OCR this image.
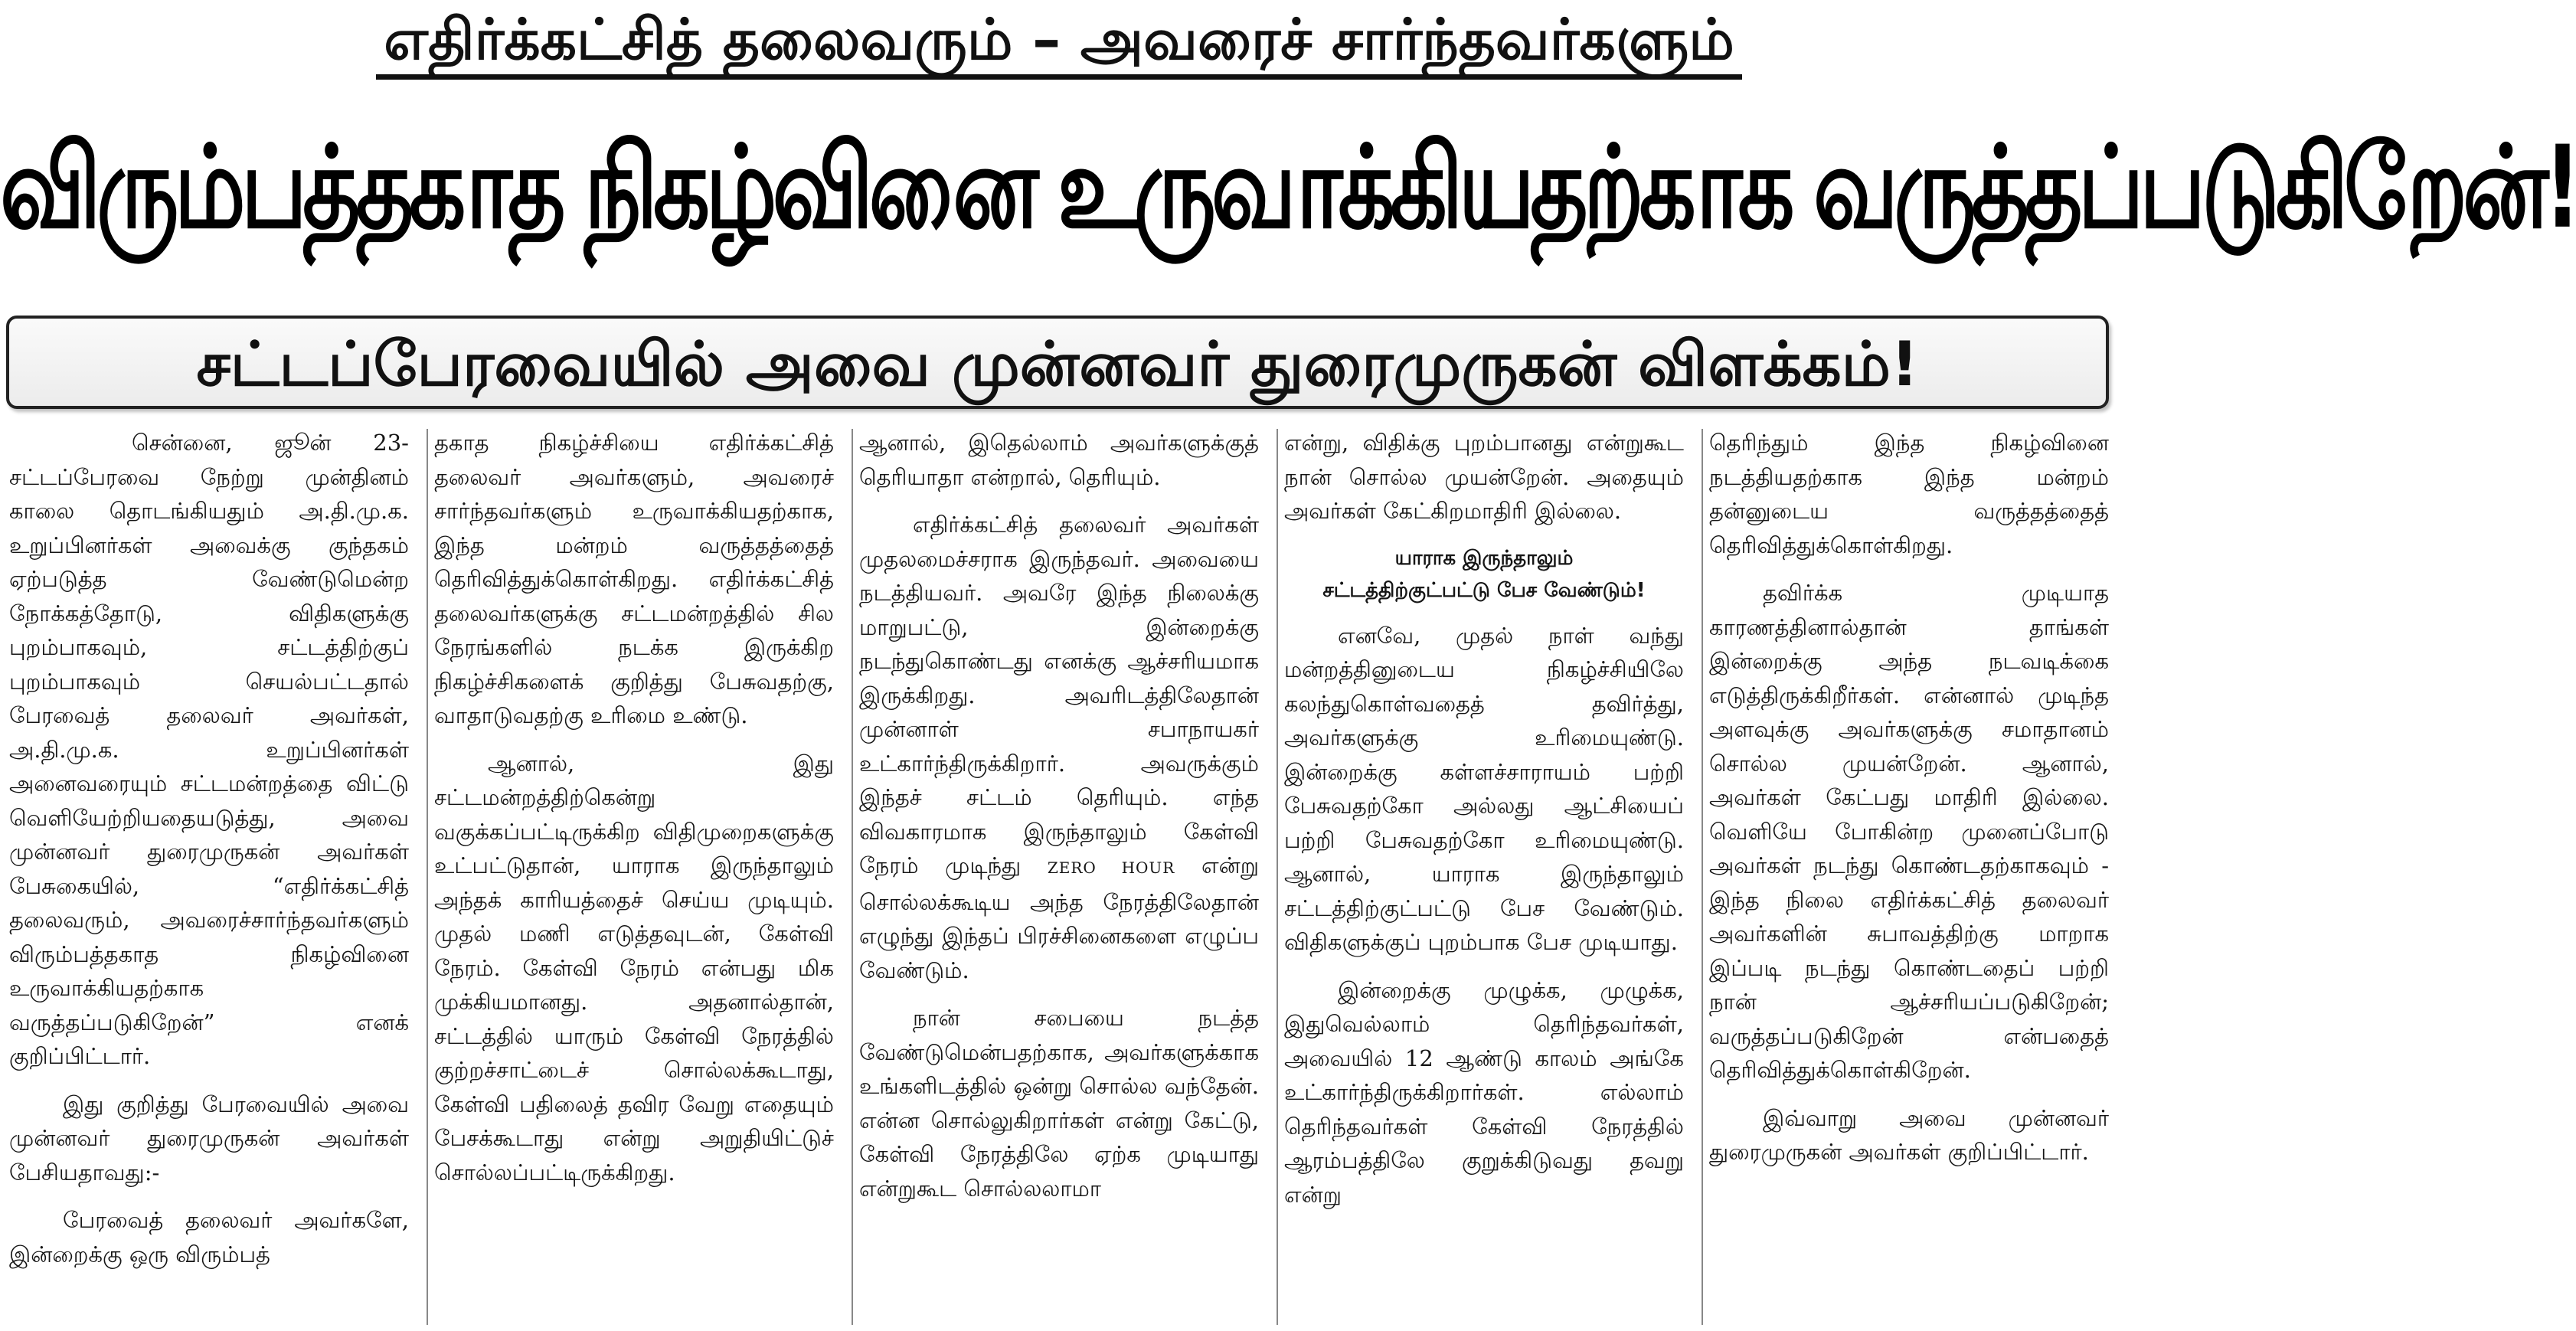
எதிர்க்கட்சித் தலைவரும் – அவரைச் சார்ந்தவர்களும்
விரும்பத்தகாத நிகழ்வினை உருவாக்கியதற்காக வருத்தப்படுகிறேன்!
சட்டப்பேரவையில் அவை முன்னவர் துரைமுருகன் விளக்கம்!

சென்னை, ஜூன் 23- சட்டப்பேரவை நேற்று முன்தினம் காலை தொடங்கியதும் அ.தி.மு.க. உறுப்பினர்கள் அவைக்கு குந்தகம் ஏற்படுத்த வேண்டுமென்ற நோக்கத்தோடு, விதிகளுக்கு புறம்பாகவும், சட்டத்திற்குப் புறம்பாகவும் செயல்பட்டதால் பேரவைத் தலைவர் அவர்கள், அ.தி.மு.க. உறுப்பினர்கள் அனைவரையும் சட்டமன்றத்தை விட்டு வெளியேற்றியதையடுத்து, அவை முன்னவர் துரைமுருகன் அவர்கள் பேசுகையில், “எதிர்க்கட்சித் தலைவரும், அவரைச்சார்ந்தவர்களும் விரும்பத்தகாத நிகழ்வினை உருவாக்கியதற்காக வருத்தப்படுகிறேன்” எனக் குறிப்பிட்டார்.

இது குறித்து பேரவையில் அவை முன்னவர் துரைமுருகன் அவர்கள் பேசியதாவது:-

பேரவைத் தலைவர் அவர்களே, இன்றைக்கு ஒரு விரும்பத்

தகாத நிகழ்ச்சியை எதிர்க்கட்சித் தலைவர் அவர்களும், அவரைச் சார்ந்தவர்களும் உருவாக்கியதற்காக, இந்த மன்றம் வருத்தத்தைத் தெரிவித்துக்கொள்கிறது. எதிர்க்கட்சித் தலைவர்களுக்கு சட்டமன்றத்தில் சில நேரங்களில் நடக்க இருக்கிற நிகழ்ச்சிகளைக் குறித்து பேசுவதற்கு, வாதாடுவதற்கு உரிமை உண்டு.

ஆனால், இது சட்டமன்றத்திற்கென்று வகுக்கப்பட்டிருக்கிற விதிமுறைகளுக்கு உட்பட்டுதான், யாராக இருந்தாலும் அந்தக் காரியத்தைச் செய்ய முடியும். முதல் மணி எடுத்தவுடன், கேள்வி நேரம். கேள்வி நேரம் என்பது மிக முக்கியமானது. அதனால்தான், சட்டத்தில் யாரும் கேள்வி நேரத்தில் குற்றச்சாட்டைச் சொல்லக்கூடாது, கேள்வி பதிலைத் தவிர வேறு எதையும் பேசக்கூடாது என்று அறுதியிட்டுச் சொல்லப்பட்டிருக்கிறது.

ஆனால், இதெல்லாம் அவர்களுக்குத் தெரியாதா என்றால், தெரியும்.

எதிர்க்கட்சித் தலைவர் அவர்கள் முதலமைச்சராக இருந்தவர். அவையை நடத்தியவர். அவரே இந்த நிலைக்கு மாறுபட்டு, இன்றைக்கு நடந்துகொண்டது எனக்கு ஆச்சரியமாக இருக்கிறது. அவரிடத்திலேதான் முன்னாள் சபாநாயகர் உட்கார்ந்திருக்கிறார். அவருக்கும் இந்தச் சட்டம் தெரியும். எந்த விவகாரமாக இருந்தாலும் கேள்வி நேரம் முடிந்து ZERO HOUR என்று சொல்லக்கூடிய அந்த நேரத்திலேதான் எழுந்து இந்தப் பிரச்சினைகளை எழுப்ப வேண்டும்.

நான் சபையை நடத்த வேண்டுமென்பதற்காக, அவர்களுக்காக உங்களிடத்தில் ஒன்று சொல்ல வந்தேன். என்ன சொல்லுகிறார்கள் என்று கேட்டு, கேள்வி நேரத்திலே ஏற்க முடியாது என்றுகூட சொல்லலாமா

என்று, விதிக்கு புறம்பானது என்றுகூட நான் சொல்ல முயன்றேன். அதையும் அவர்கள் கேட்கிறமாதிரி இல்லை.

யாராக இருந்தாலும்
சட்டத்திற்குட்பட்டு பேச வேண்டும்!

எனவே, முதல் நாள் வந்து மன்றத்தினுடைய நிகழ்ச்சியிலே கலந்துகொள்வதைத் தவிர்த்து, அவர்களுக்கு உரிமையுண்டு. இன்றைக்கு கள்ளச்சாராயம் பற்றி பேசுவதற்கோ அல்லது ஆட்சியைப் பற்றி பேசுவதற்கோ உரிமையுண்டு. ஆனால், யாராக இருந்தாலும் சட்டத்திற்குட்பட்டு பேச வேண்டும். விதிகளுக்குப் புறம்பாக பேச முடியாது.

இன்றைக்கு முழுக்க, முழுக்க, இதுவெல்லாம் தெரிந்தவர்கள், அவையில் 12 ஆண்டு காலம் அங்கே உட்கார்ந்திருக்கிறார்கள். எல்லாம் தெரிந்தவர்கள் கேள்வி நேரத்தில் ஆரம்பத்திலே குறுக்கிடுவது தவறு என்று

தெரிந்தும் இந்த நிகழ்வினை நடத்தியதற்காக இந்த மன்றம் தன்னுடைய வருத்தத்தைத் தெரிவித்துக்கொள்கிறது.

தவிர்க்க முடியாத காரணத்தினால்தான் தாங்கள் இன்றைக்கு அந்த நடவடிக்கை எடுத்திருக்கிறீர்கள். என்னால் முடிந்த அளவுக்கு அவர்களுக்கு சமாதானம் சொல்ல முயன்றேன். ஆனால், அவர்கள் கேட்பது மாதிரி இல்லை. வெளியே போகின்ற முனைப்போடு அவர்கள் நடந்து கொண்டதற்காகவும் - இந்த நிலை எதிர்க்கட்சித் தலைவர் அவர்களின் சுபாவத்திற்கு மாறாக இப்படி நடந்து கொண்டதைப் பற்றி நான் ஆச்சரியப்படுகிறேன்; வருத்தப்படுகிறேன் என்பதைத் தெரிவித்துக்கொள்கிறேன்.

இவ்வாறு அவை முன்னவர் துரைமுருகன் அவர்கள் குறிப்பிட்டார்.
